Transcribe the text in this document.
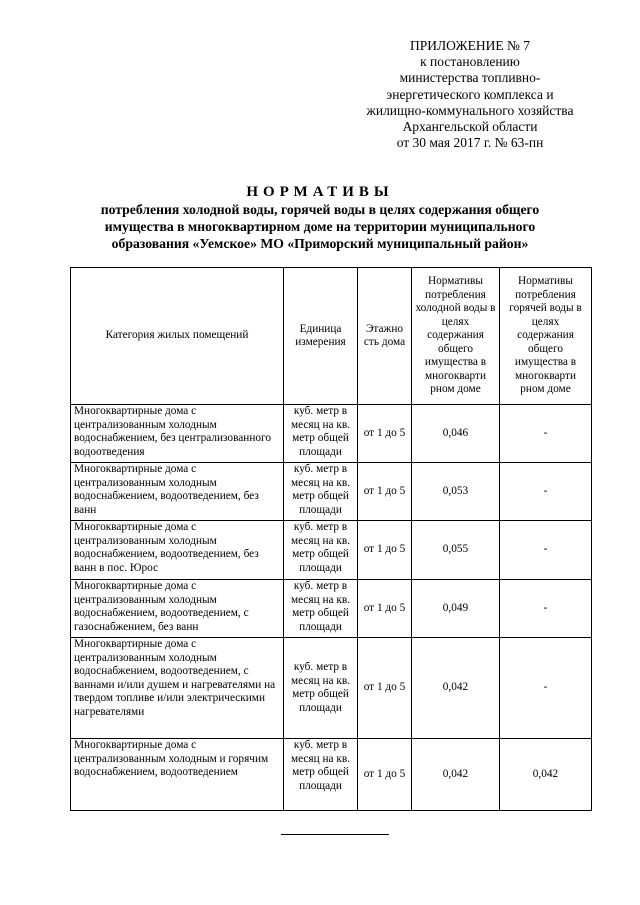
ПРИЛОЖЕНИЕ № 7
к постановлению
министерства топливно-
энергетического комплекса и
жилищно-коммунального хозяйства
Архангельской области
от 30 мая 2017 г. № 63-пн
НОРМАТИВЫ
потребления холодной воды, горячей воды в целях содержания общего
имущества в многоквартирном доме на территории муниципального
образования «Уемское» МО «Приморский муниципальный район»
Категория жилых помещений	Единица измерения	Этажно сть дома	Нормативы потребления холодной воды в целях содержания общего имущества в многокварти рном доме	Нормативы потребления горячей воды в целях содержания общего имущества в многокварти рном доме
Многоквартирные дома с централизованным холодным водоснабжением, без централизованного водоотведения	куб. метр в месяц на кв. метр общей площади	от 1 до 5	0,046	-
Многоквартирные дома с централизованным холодным водоснабжением, водоотведением, без ванн	куб. метр в месяц на кв. метр общей площади	от 1 до 5	0,053	-
Многоквартирные дома с централизованным холодным водоснабжением, водоотведением, без ванн в пос. Юрос	куб. метр в месяц на кв. метр общей площади	от 1 до 5	0,055	-
Многоквартирные дома с централизованным холодным водоснабжением, водоотведением, с газоснабжением, без ванн	куб. метр в месяц на кв. метр общей площади	от 1 до 5	0,049	-
Многоквартирные дома с централизованным холодным водоснабжением, водоотведением, с ваннами и/или душем и нагревателями на твердом топливе и/или электрическими нагревателями	куб. метр в месяц на кв. метр общей площади	от 1 до 5	0,042	-
Многоквартирные дома с централизованным холодным и горячим водоснабжением, водоотведением	куб. метр в месяц на кв. метр общей площади	от 1 до 5	0,042	0,042
